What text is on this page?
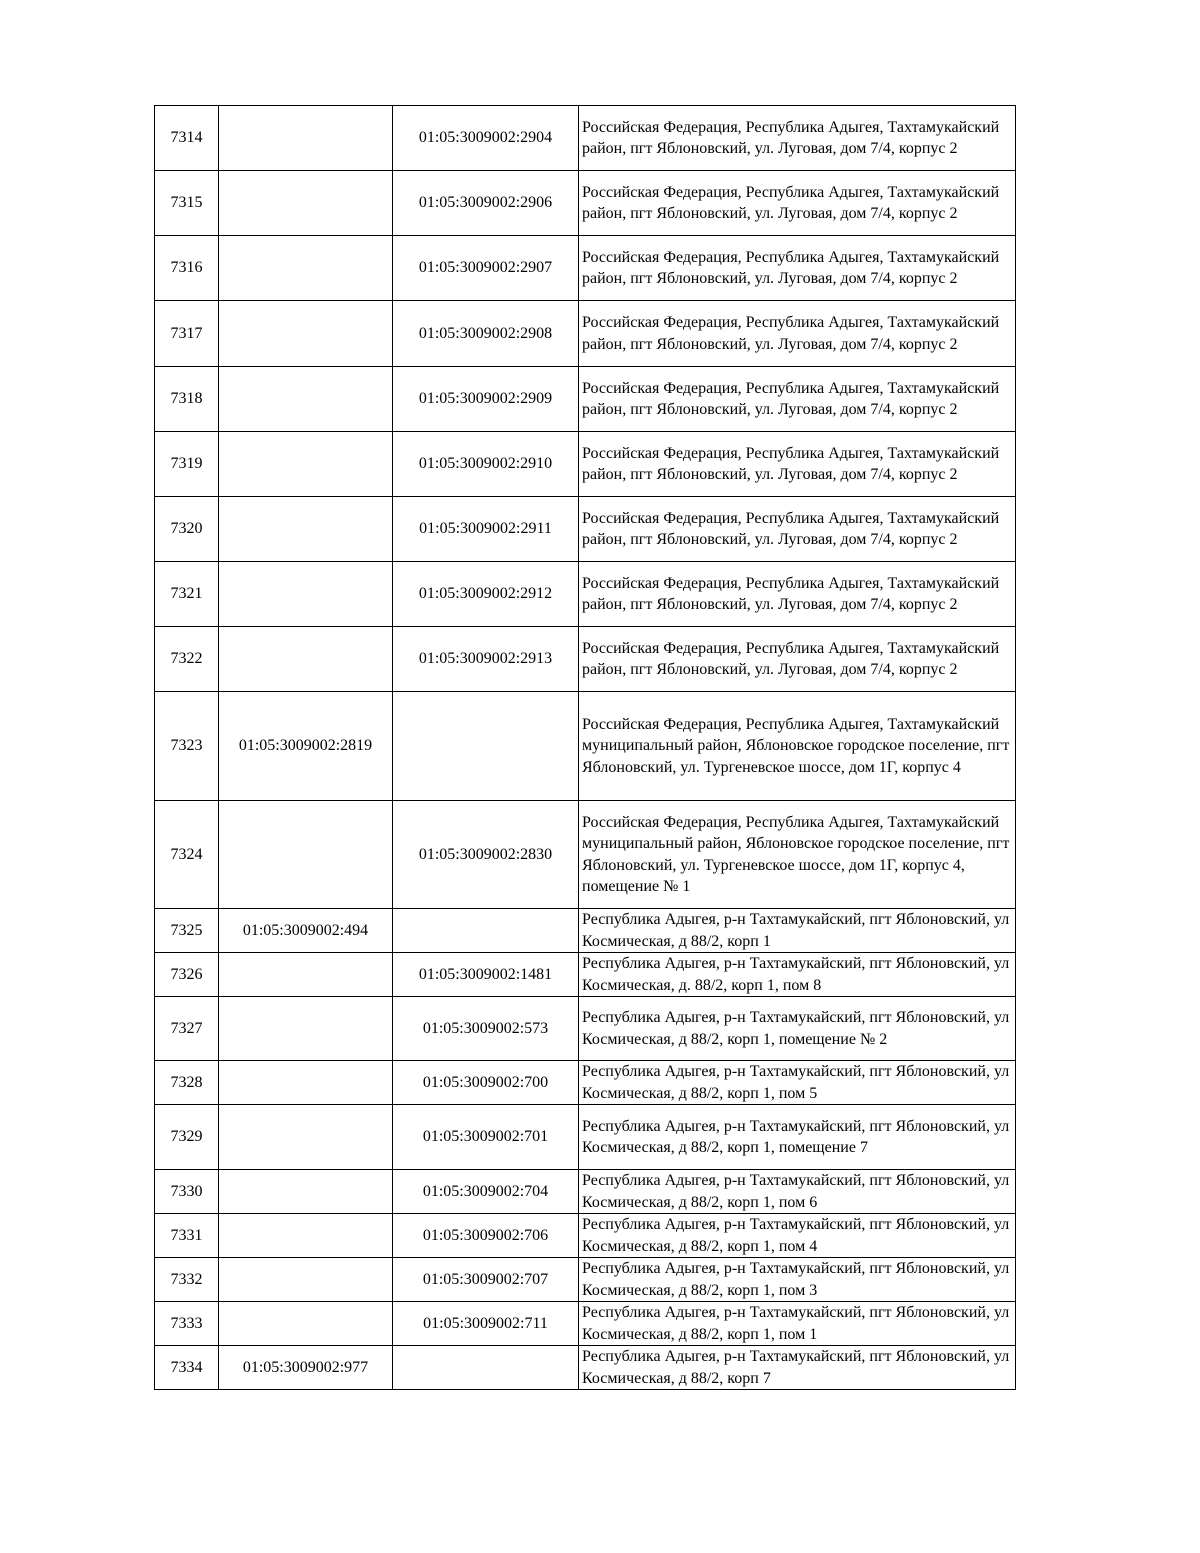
7314		01:05:3009002:2904	Российская Федерация, Республика Адыгея, Тахтамукайский район, пгт Яблоновский, ул. Луговая, дом 7/4, корпус 2
7315		01:05:3009002:2906	Российская Федерация, Республика Адыгея, Тахтамукайский район, пгт Яблоновский, ул. Луговая, дом 7/4, корпус 2
7316		01:05:3009002:2907	Российская Федерация, Республика Адыгея, Тахтамукайский район, пгт Яблоновский, ул. Луговая, дом 7/4, корпус 2
7317		01:05:3009002:2908	Российская Федерация, Республика Адыгея, Тахтамукайский район, пгт Яблоновский, ул. Луговая, дом 7/4, корпус 2
7318		01:05:3009002:2909	Российская Федерация, Республика Адыгея, Тахтамукайский район, пгт Яблоновский, ул. Луговая, дом 7/4, корпус 2
7319		01:05:3009002:2910	Российская Федерация, Республика Адыгея, Тахтамукайский район, пгт Яблоновский, ул. Луговая, дом 7/4, корпус 2
7320		01:05:3009002:2911	Российская Федерация, Республика Адыгея, Тахтамукайский район, пгт Яблоновский, ул. Луговая, дом 7/4, корпус 2
7321		01:05:3009002:2912	Российская Федерация, Республика Адыгея, Тахтамукайский район, пгт Яблоновский, ул. Луговая, дом 7/4, корпус 2
7322		01:05:3009002:2913	Российская Федерация, Республика Адыгея, Тахтамукайский район, пгт Яблоновский, ул. Луговая, дом 7/4, корпус 2
7323	01:05:3009002:2819		Российская Федерация, Республика Адыгея, Тахтамукайский муниципальный район, Яблоновское городское поселение, пгт Яблоновский, ул. Тургеневское шоссе, дом 1Г, корпус 4
7324		01:05:3009002:2830	Российская Федерация, Республика Адыгея, Тахтамукайский муниципальный район, Яблоновское городское поселение, пгт Яблоновский, ул. Тургеневское шоссе, дом 1Г, корпус 4, помещение № 1
7325	01:05:3009002:494		Республика Адыгея, р-н Тахтамукайский, пгт Яблоновский, ул Космическая, д 88/2, корп 1
7326		01:05:3009002:1481	Республика Адыгея, р-н Тахтамукайский, пгт Яблоновский, ул Космическая, д. 88/2, корп 1, пом 8
7327		01:05:3009002:573	Республика Адыгея, р-н Тахтамукайский, пгт Яблоновский, ул Космическая, д 88/2, корп 1, помещение № 2
7328		01:05:3009002:700	Республика Адыгея, р-н Тахтамукайский, пгт Яблоновский, ул Космическая, д 88/2, корп 1, пом 5
7329		01:05:3009002:701	Республика Адыгея, р-н Тахтамукайский, пгт Яблоновский, ул Космическая, д 88/2, корп 1, помещение 7
7330		01:05:3009002:704	Республика Адыгея, р-н Тахтамукайский, пгт Яблоновский, ул Космическая, д 88/2, корп 1, пом 6
7331		01:05:3009002:706	Республика Адыгея, р-н Тахтамукайский, пгт Яблоновский, ул Космическая, д 88/2, корп 1, пом 4
7332		01:05:3009002:707	Республика Адыгея, р-н Тахтамукайский, пгт Яблоновский, ул Космическая, д 88/2, корп 1, пом 3
7333		01:05:3009002:711	Республика Адыгея, р-н Тахтамукайский, пгт Яблоновский, ул Космическая, д 88/2, корп 1, пом 1
7334	01:05:3009002:977		Республика Адыгея, р-н Тахтамукайский, пгт Яблоновский, ул Космическая, д 88/2, корп 7
